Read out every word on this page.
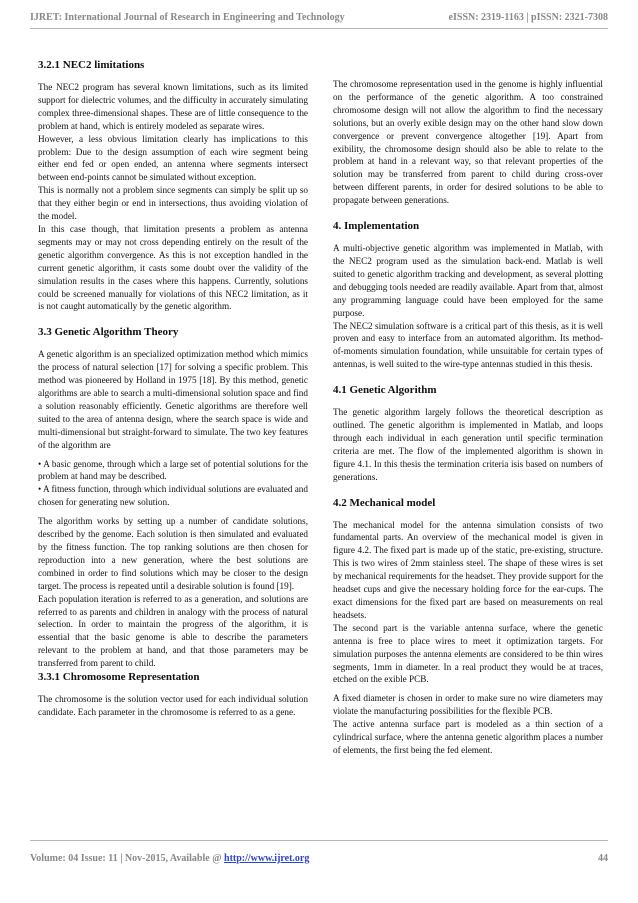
IJRET: International Journal of Research in Engineering and Technology	eISSN: 2319-1163 | pISSN: 2321-7308
3.2.1 NEC2 limitations

The NEC2 program has several known limitations, such as its limited support for dielectric volumes, and the difficulty in accurately simulating complex three-dimensional shapes. These are of little consequence to the problem at hand, which is entirely modeled as separate wires.

However, a less obvious limitation clearly has implications to this problem: Due to the design assumption of each wire segment being either end fed or open ended, an antenna where segments intersect between end-points cannot be simulated without exception.

This is normally not a problem since segments can simply be split up so that they either begin or end in intersections, thus avoiding violation of the model.

In this case though, that limitation presents a problem as antenna segments may or may not cross depending entirely on the result of the genetic algorithm convergence. As this is not exception handled in the current genetic algorithm, it casts some doubt over the validity of the simulation results in the cases where this happens. Currently, solutions could be screened manually for violations of this NEC2 limitation, as it is not caught automatically by the genetic algorithm.

3.3 Genetic Algorithm Theory

A genetic algorithm is an specialized optimization method which mimics the process of natural selection [17] for solving a specific problem. This method was pioneered by Holland in 1975 [18]. By this method, genetic algorithms are able to search a multi-dimensional solution space and find a solution reasonably efficiently. Genetic algorithms are therefore well suited to the area of antenna design, where the search space is wide and multi-dimensional but straight-forward to simulate. The two key features of the algorithm are

• A basic genome, through which a large set of potential solutions for the problem at hand may be described.

• A fitness function, through which individual solutions are evaluated and chosen for generating new solution.

The algorithm works by setting up a number of candidate solutions, described by the genome. Each solution is then simulated and evaluated by the fitness function. The top ranking solutions are then chosen for reproduction into a new generation, where the best solutions are combined in order to find solutions which may be closer to the design target. The process is repeated until a desirable solution is found [19].

Each population iteration is referred to as a generation, and solutions are referred to as parents and children in analogy with the process of natural selection. In order to maintain the progress of the algorithm, it is essential that the basic genome is able to describe the parameters relevant to the problem at hand, and that those parameters may be transferred from parent to child.

3.3.1 Chromosome Representation

The chromosome is the solution vector used for each individual solution candidate. Each parameter in the chromosome is referred to as a gene.

The chromosome representation used in the genome is highly influential on the performance of the genetic algorithm. A too constrained chromosome design will not allow the algorithm to find the necessary solutions, but an overly exible design may on the other hand slow down convergence or prevent convergence altogether [19]. Apart from exibility, the chromosome design should also be able to relate to the problem at hand in a relevant way, so that relevant properties of the solution may be transferred from parent to child during cross-over between different parents, in order for desired solutions to be able to propagate between generations.

4. Implementation

A multi-objective genetic algorithm was implemented in Matlab, with the NEC2 program used as the simulation back-end. Matlab is well suited to genetic algorithm tracking and development, as several plotting and debugging tools needed are readily available. Apart from that, almost any programming language could have been employed for the same purpose.

The NEC2 simulation software is a critical part of this thesis, as it is well proven and easy to interface from an automated algorithm. Its method-of-moments simulation foundation, while unsuitable for certain types of antennas, is well suited to the wire-type antennas studied in this thesis.

4.1 Genetic Algorithm

The genetic algorithm largely follows the theoretical description as outlined. The genetic algorithm is implemented in Matlab, and loops through each individual in each generation until specific termination criteria are met. The flow of the implemented algorithm is shown in figure 4.1. In this thesis the termination criteria isis based on numbers of generations.

4.2 Mechanical model

The mechanical model for the antenna simulation consists of two fundamental parts. An overview of the mechanical model is given in figure 4.2. The fixed part is made up of the static, pre-existing, structure. This is two wires of 2mm stainless steel. The shape of these wires is set by mechanical requirements for the headset. They provide support for the headset cups and give the necessary holding force for the ear-cups. The exact dimensions for the fixed part are based on measurements on real headsets.

The second part is the variable antenna surface, where the genetic antenna is free to place wires to meet it optimization targets. For simulation purposes the antenna elements are considered to be thin wires segments, 1mm in diameter. In a real product they would be at traces, etched on the exible PCB.

A fixed diameter is chosen in order to make sure no wire diameters may violate the manufacturing possibilities for the flexible PCB.

The active antenna surface part is modeled as a thin section of a cylindrical surface, where the antenna genetic algorithm places a number of elements, the first being the fed element.

Volume: 04 Issue: 11 | Nov-2015, Available @ http://www.ijret.org	44
